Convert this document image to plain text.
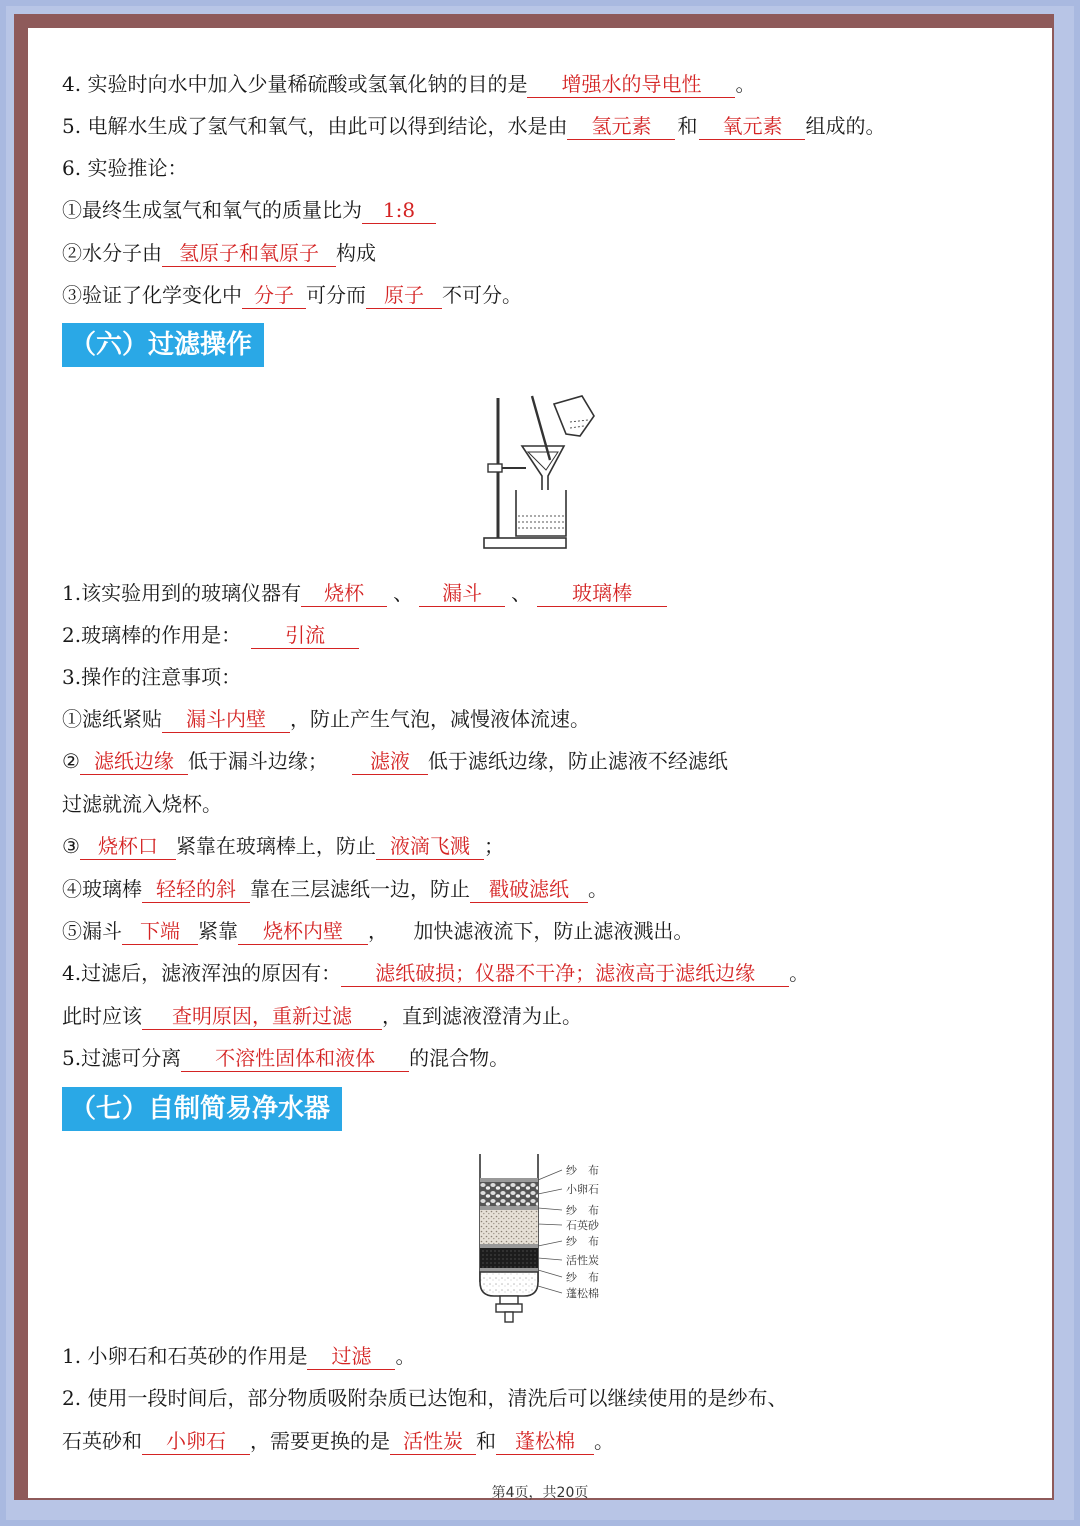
4. 实验时向水中加入少量稀硫酸或氢氧化钠的目的是 增强水的导电性 。
5. 电解水生成了氢气和氧气，由此可以得到结论，水是由 氢元素 和 氧元素 组成的。
6. 实验推论：
①最终生成氢气和氧气的质量比为 1:8
②水分子由 氢原子和氧原子 构成
③验证了化学变化中 分子 可分而 原子 不可分。
（六）过滤操作
1.该实验用到的玻璃仪器有 烧杯 、 漏斗 、 玻璃棒
2.玻璃棒的作用是： 引流
3.操作的注意事项：
①滤纸紧贴 漏斗内壁 ，防止产生气泡，减慢液体流速。
② 滤纸边缘 低于漏斗边缘； 滤液 低于滤纸边缘，防止滤液不经滤纸
过滤就流入烧杯。
③ 烧杯口 紧靠在玻璃棒上，防止 液滴飞溅 ；
④玻璃棒 轻轻的斜 靠在三层滤纸一边，防止 戳破滤纸 。
⑤漏斗 下端 紧靠 烧杯内壁 ，    加快滤液流下，防止滤液溅出。
4.过滤后，滤液浑浊的原因有： 滤纸破损；仪器不干净；滤液高于滤纸边缘 。
此时应该 查明原因，重新过滤 ，直到滤液澄清为止。
5.过滤可分离 不溶性固体和液体 的混合物。
（七）自制简易净水器
纱　布
小卵石
纱　布
石英砂
纱　布
活性炭
纱　布
蓬松棉
1. 小卵石和石英砂的作用是 过滤 。
2. 使用一段时间后，部分物质吸附杂质已达饱和，清洗后可以继续使用的是纱布、
石英砂和 小卵石 ，需要更换的是 活性炭 和 蓬松棉 。
第4页，共20页
